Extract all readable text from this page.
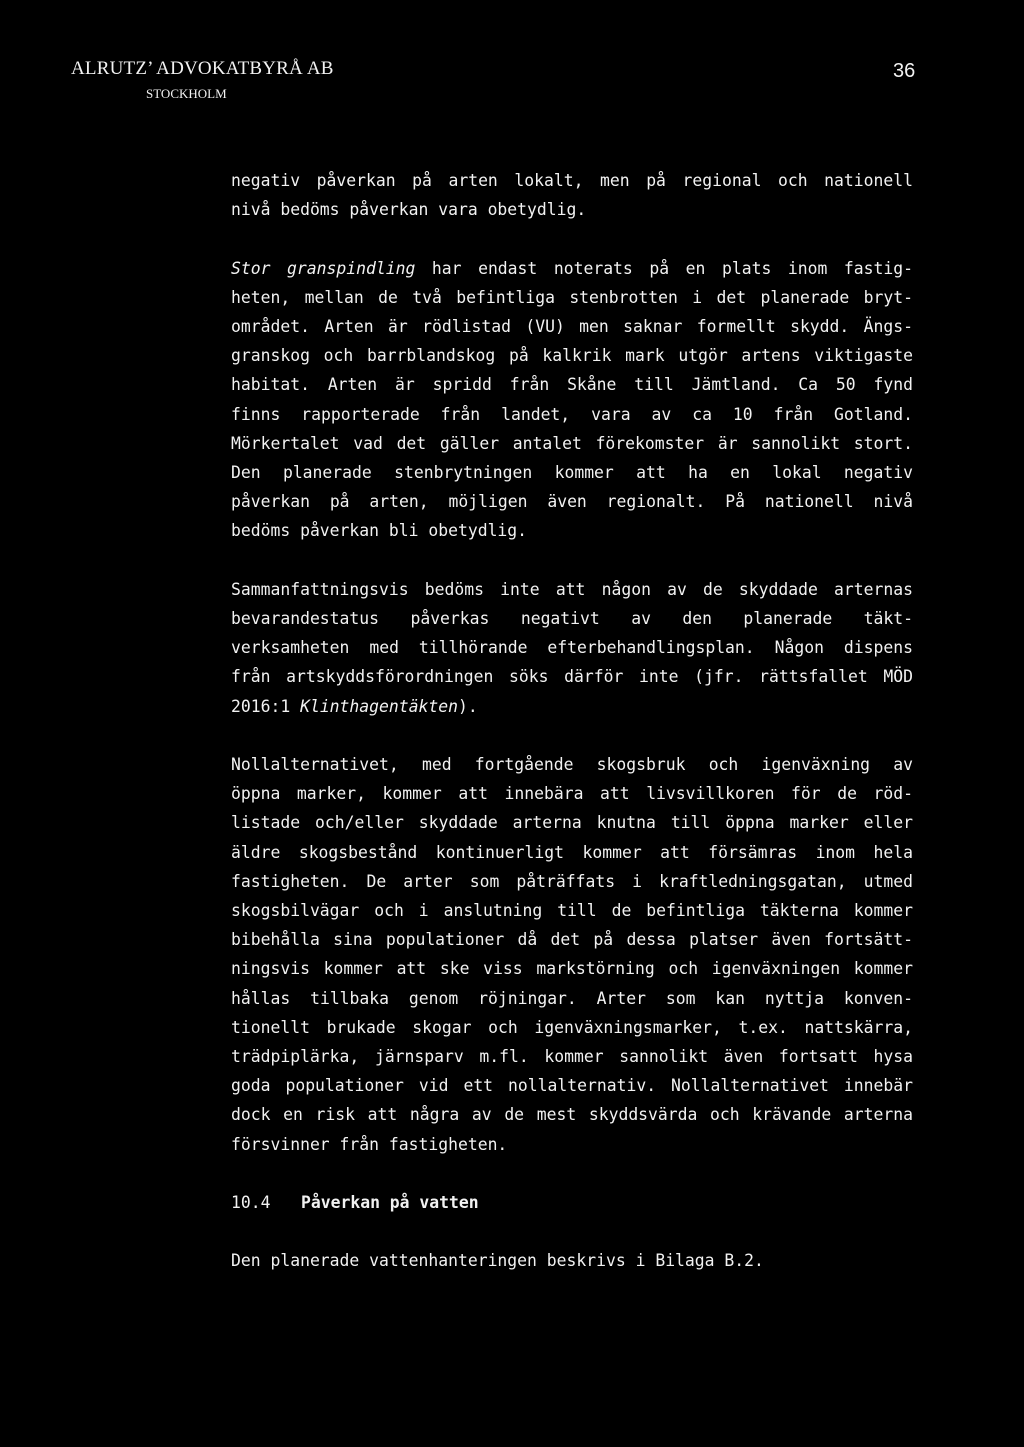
ALRUTZ’ ADVOKATBYRÅ AB
STOCKHOLM
36
negativ påverkan på arten lokalt, men på regional och nationell
nivå bedöms påverkan vara obetydlig.
Stor granspindling har endast noterats på en plats inom fastig-
heten, mellan de två befintliga stenbrotten i det planerade bryt-
området. Arten är rödlistad (VU) men saknar formellt skydd. Ängs-
granskog och barrblandskog på kalkrik mark utgör artens viktigaste
habitat. Arten är spridd från Skåne till Jämtland. Ca 50 fynd
finns rapporterade från landet, vara av ca 10 från Gotland.
Mörkertalet vad det gäller antalet förekomster är sannolikt stort.
Den planerade stenbrytningen kommer att ha en lokal negativ
påverkan på arten, möjligen även regionalt. På nationell nivå
bedöms påverkan bli obetydlig.
Sammanfattningsvis bedöms inte att någon av de skyddade arternas
bevarandestatus påverkas negativt av den planerade täkt-
verksamheten med tillhörande efterbehandlingsplan. Någon dispens
från artskyddsförordningen söks därför inte (jfr. rättsfallet MÖD
2016:1 Klinthagentäkten).
Nollalternativet, med fortgående skogsbruk och igenväxning av
öppna marker, kommer att innebära att livsvillkoren för de röd-
listade och/eller skyddade arterna knutna till öppna marker eller
äldre skogsbestånd kontinuerligt kommer att försämras inom hela
fastigheten. De arter som påträffats i kraftledningsgatan, utmed
skogsbilvägar och i anslutning till de befintliga täkterna kommer
bibehålla sina populationer då det på dessa platser även fortsätt-
ningsvis kommer att ske viss markstörning och igenväxningen kommer
hållas tillbaka genom röjningar. Arter som kan nyttja konven-
tionellt brukade skogar och igenväxningsmarker, t.ex. nattskärra,
trädpiplärka, järnsparv m.fl. kommer sannolikt även fortsatt hysa
goda populationer vid ett nollalternativ. Nollalternativet innebär
dock en risk att några av de mest skyddsvärda och krävande arterna
försvinner från fastigheten.
10.4 Påverkan på vatten
Den planerade vattenhanteringen beskrivs i Bilaga B.2.
